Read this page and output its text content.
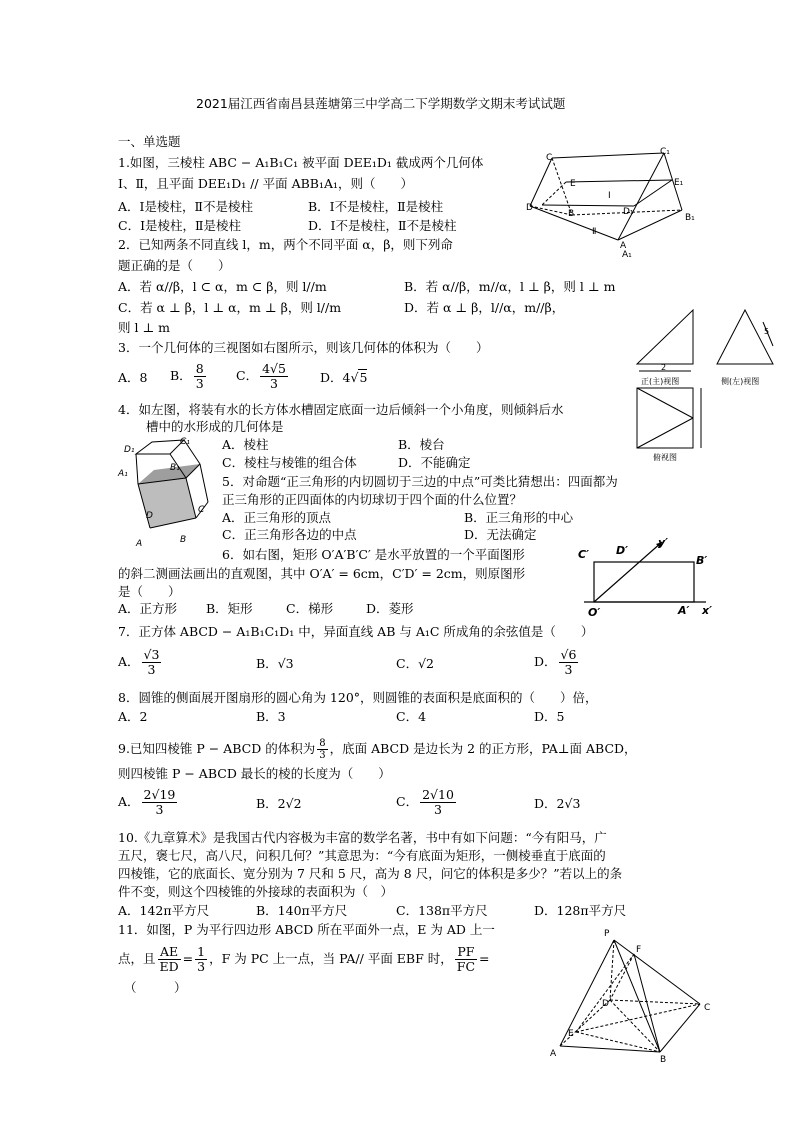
2021届江西省南昌县莲塘第三中学高二下学期数学文期末考试试题
一、单选题
1.如图，三棱柱 ABC − A₁B₁C₁ 被平面 DEE₁D₁ 截成两个几何体
Ⅰ、Ⅱ，且平面 DEE₁D₁ // 平面 ABB₁A₁，则（　　）
A．Ⅰ是棱柱，Ⅱ不是棱柱	B．Ⅰ不是棱柱，Ⅱ是棱柱
C．Ⅰ是棱柱，Ⅱ是棱柱	D．Ⅰ不是棱柱，Ⅱ不是棱柱
C
C₁
E	E₁
Ⅰ
D
B	D₁
B₁
Ⅱ
A
A₁
2．已知两条不同直线 l，m，两个不同平面 α，β，则下列命
题正确的是（　　）
A．若 α//β，l ⊂ α，m ⊂ β，则 l//m	B．若 α//β，m//α，l ⊥ β，则 l ⊥ m
C．若 α ⊥ β，l ⊥ α，m ⊥ β，则 l//m	D．若 α ⊥ β，l//α，m//β，
则 l ⊥ m
2
5
正(主)视图	侧(左)视图
俯视图
3．一个几何体的三视图如右图所示，则该几何体的体积为（　　）
A．8 B． $\frac{8}{3}$ C． $\frac{4√5}{3}$	D．4√5
4．如左图，将装有水的长方体水槽固定底面一边后倾斜一个小角度，则倾斜后水
槽中的水形成的几何体是
A．棱柱	B．棱台
C．棱柱与棱锥的组合体	D．不能确定
D₁
C₁
A₁
B₁
C
D
A	B
5．对命题“正三角形的内切圆切于三边的中点”可类比猜想出：四面都为
正三角形的正四面体的内切球切于四个面的什么位置？
A．正三角形的顶点	B．正三角形的中心
C．正三角形各边的中点	D．无法确定
6．如右图，矩形 O′A′B′C′ 是水平放置的一个平面图形
的斜二测画法画出的直观图，其中 O′A′ = 6cm，C′D′ = 2cm，则原图形
是（　　）
A．正方形 B．矩形	C．梯形	D．菱形
C′ D′
y′
B′
O′	A′ x′
7．正方体 ABCD − A₁B₁C₁D₁ 中，异面直线 AB 与 A₁C 所成角的余弦值是（　　）
A． $\frac{√3}{3}$	B．√3	C．√2	D． $\frac{√6}{3}$
8．圆锥的侧面展开图扇形的圆心角为 120°，则圆锥的表面积是底面积的（　　）倍，
A．2	B．3	C．4	D．5
9.已知四棱锥 P − ABCD 的体积为 $\frac{8}{3}$ ，底面 ABCD 是边长为 2 的正方形，PA⊥面 ABCD，
则四棱锥 P − ABCD 最长的棱的长度为（　　）
A． $\frac{2√19}{3}$	B．2√2	C． $\frac{2√10}{3}$	D．2√3
10.《九章算术》是我国古代内容极为丰富的数学名著，书中有如下问题：“今有阳马，广
五尺，褒七尺，高八尺，问积几何？”其意思为：“今有底面为矩形，一侧棱垂直于底面的
四棱锥，它的底面长、宽分别为 7 尺和 5 尺，高为 8 尺，问它的体积是多少？”若以上的条
件不变，则这个四棱锥的外接球的表面积为（　）
A．142π平方尺	B．140π平方尺	C．138π平方尺	D．128π平方尺
11．如图，P 为平行四边形 ABCD 所在平面外一点，E 为 AD 上一
点，且 $\frac{AE}{ED} = \frac{1}{3}$ ，F 为 PC 上一点，当 PA// 平面 EBF 时， $\frac{PF}{FC}$ =
（　　　）
P
F
D	C
E
A
B
